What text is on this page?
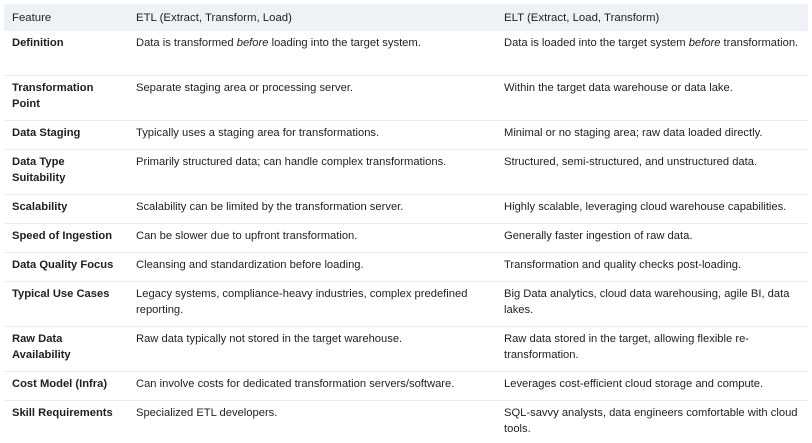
Feature	ETL (Extract, Transform, Load)	ELT (Extract, Load, Transform)
Definition	Data is transformed before loading into the target system.	Data is loaded into the target system before transformation.
Transformation Point	Separate staging area or processing server.	Within the target data warehouse or data lake.
Data Staging	Typically uses a staging area for transformations.	Minimal or no staging area; raw data loaded directly.
Data Type Suitability	Primarily structured data; can handle complex transformations.	Structured, semi-structured, and unstructured data.
Scalability	Scalability can be limited by the transformation server.	Highly scalable, leveraging cloud warehouse capabilities.
Speed of Ingestion	Can be slower due to upfront transformation.	Generally faster ingestion of raw data.
Data Quality Focus	Cleansing and standardization before loading.	Transformation and quality checks post-loading.
Typical Use Cases	Legacy systems, compliance-heavy industries, complex predefined reporting.	Big Data analytics, cloud data warehousing, agile BI, data lakes.
Raw Data Availability	Raw data typically not stored in the target warehouse.	Raw data stored in the target, allowing flexible re-transformation.
Cost Model (Infra)	Can involve costs for dedicated transformation servers/software.	Leverages cost-efficient cloud storage and compute.
Skill Requirements	Specialized ETL developers.	SQL-savvy analysts, data engineers comfortable with cloud tools.
